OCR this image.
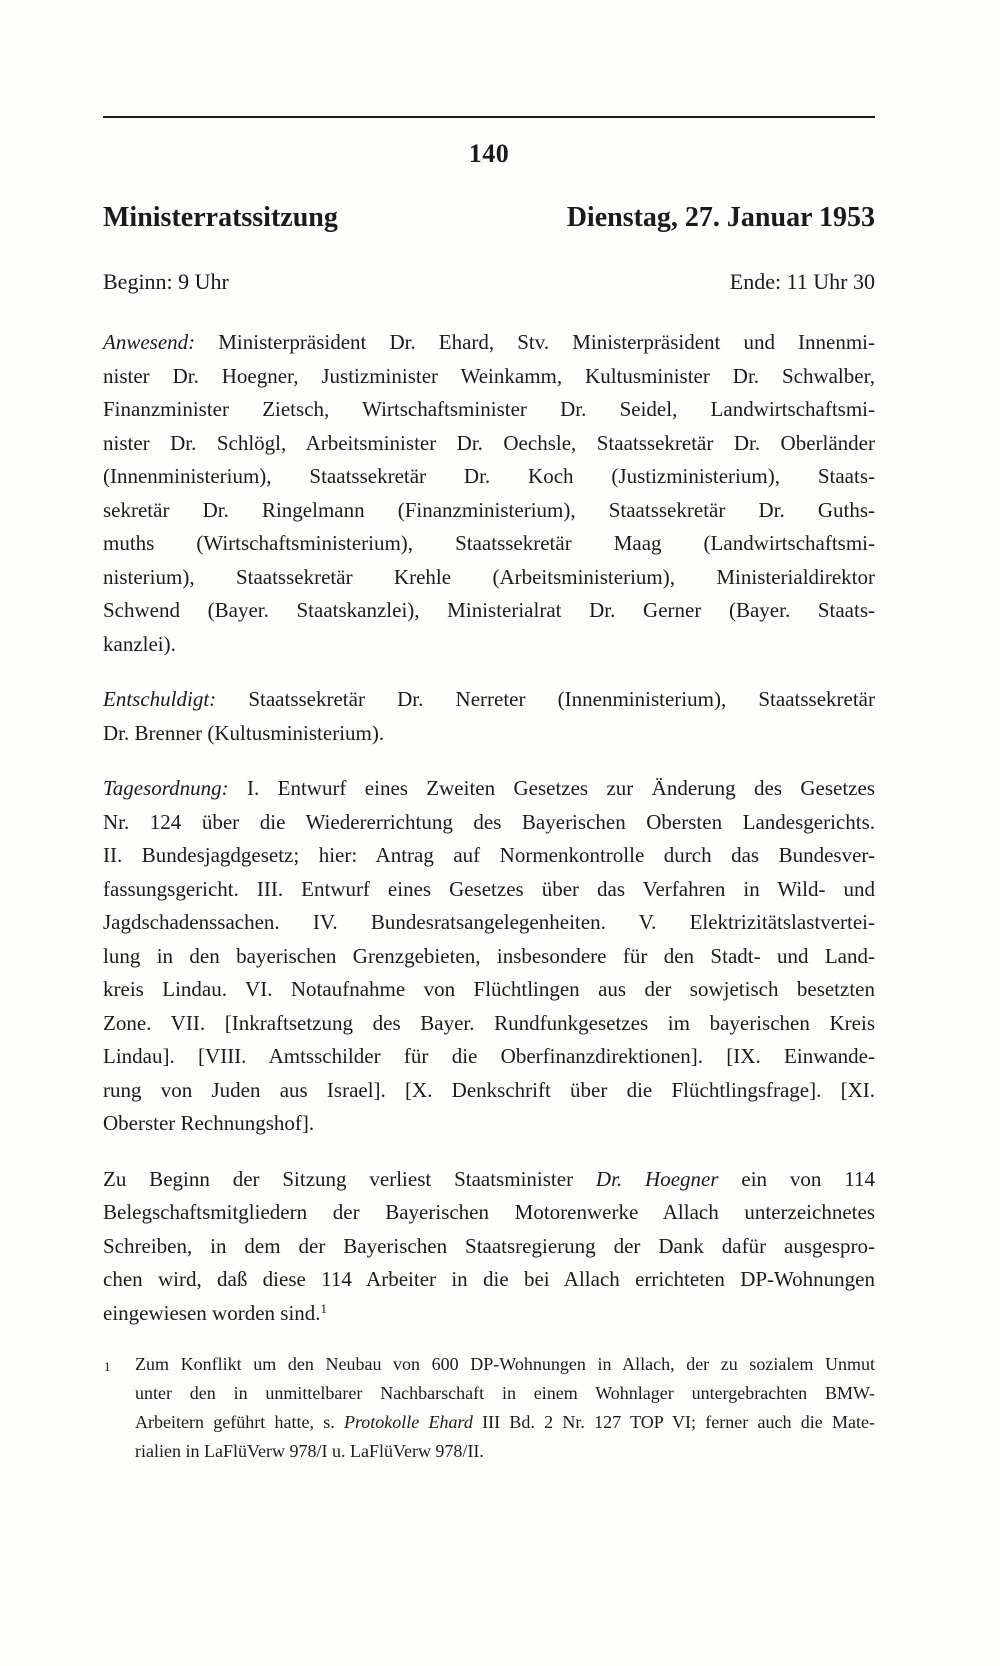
140
Ministerratssitzung	Dienstag, 27. Januar 1953
Beginn: 9 Uhr	Ende: 11 Uhr 30
Anwesend: Ministerpräsident Dr. Ehard, Stv. Ministerpräsident und Innenmi-
nister Dr. Hoegner, Justizminister Weinkamm, Kultusminister Dr. Schwalber,
Finanzminister Zietsch, Wirtschaftsminister Dr. Seidel, Landwirtschaftsmi-
nister Dr. Schlögl, Arbeitsminister Dr. Oechsle, Staatssekretär Dr. Oberländer
(Innenministerium), Staatssekretär Dr. Koch (Justizministerium), Staats-
sekretär Dr. Ringelmann (Finanzministerium), Staatssekretär Dr. Guths-
muths (Wirtschaftsministerium), Staatssekretär Maag (Landwirtschaftsmi-
nisterium), Staatssekretär Krehle (Arbeitsministerium), Ministerialdirektor
Schwend (Bayer. Staatskanzlei), Ministerialrat Dr. Gerner (Bayer. Staats-
kanzlei).
Entschuldigt: Staatssekretär Dr. Nerreter (Innenministerium), Staatssekretär
Dr. Brenner (Kultusministerium).
Tagesordnung: I. Entwurf eines Zweiten Gesetzes zur Änderung des Gesetzes
Nr. 124 über die Wiedererrichtung des Bayerischen Obersten Landesgerichts.
II. Bundesjagdgesetz; hier: Antrag auf Normenkontrolle durch das Bundesver-
fassungsgericht. III. Entwurf eines Gesetzes über das Verfahren in Wild- und
Jagdschadenssachen. IV. Bundesratsangelegenheiten. V. Elektrizitätslastvertei-
lung in den bayerischen Grenzgebieten, insbesondere für den Stadt- und Land-
kreis Lindau. VI. Notaufnahme von Flüchtlingen aus der sowjetisch besetzten
Zone. VII. [Inkraftsetzung des Bayer. Rundfunkgesetzes im bayerischen Kreis
Lindau]. [VIII. Amtsschilder für die Oberfinanzdirektionen]. [IX. Einwande-
rung von Juden aus Israel]. [X. Denkschrift über die Flüchtlingsfrage]. [XI.
Oberster Rechnungshof].
Zu Beginn der Sitzung verliest Staatsminister Dr. Hoegner ein von 114
Belegschaftsmitgliedern der Bayerischen Motorenwerke Allach unterzeichnetes
Schreiben, in dem der Bayerischen Staatsregierung der Dank dafür ausgespro-
chen wird, daß diese 114 Arbeiter in die bei Allach errichteten DP-Wohnungen
eingewiesen worden sind.$^1$
1 Zum Konflikt um den Neubau von 600 DP-Wohnungen in Allach, der zu sozialem Unmut
unter den in unmittelbarer Nachbarschaft in einem Wohnlager untergebrachten BMW-
Arbeitern geführt hatte, s. Protokolle Ehard III Bd. 2 Nr. 127 TOP VI; ferner auch die Mate-
rialien in LaFlüVerw 978/I u. LaFlüVerw 978/II.
